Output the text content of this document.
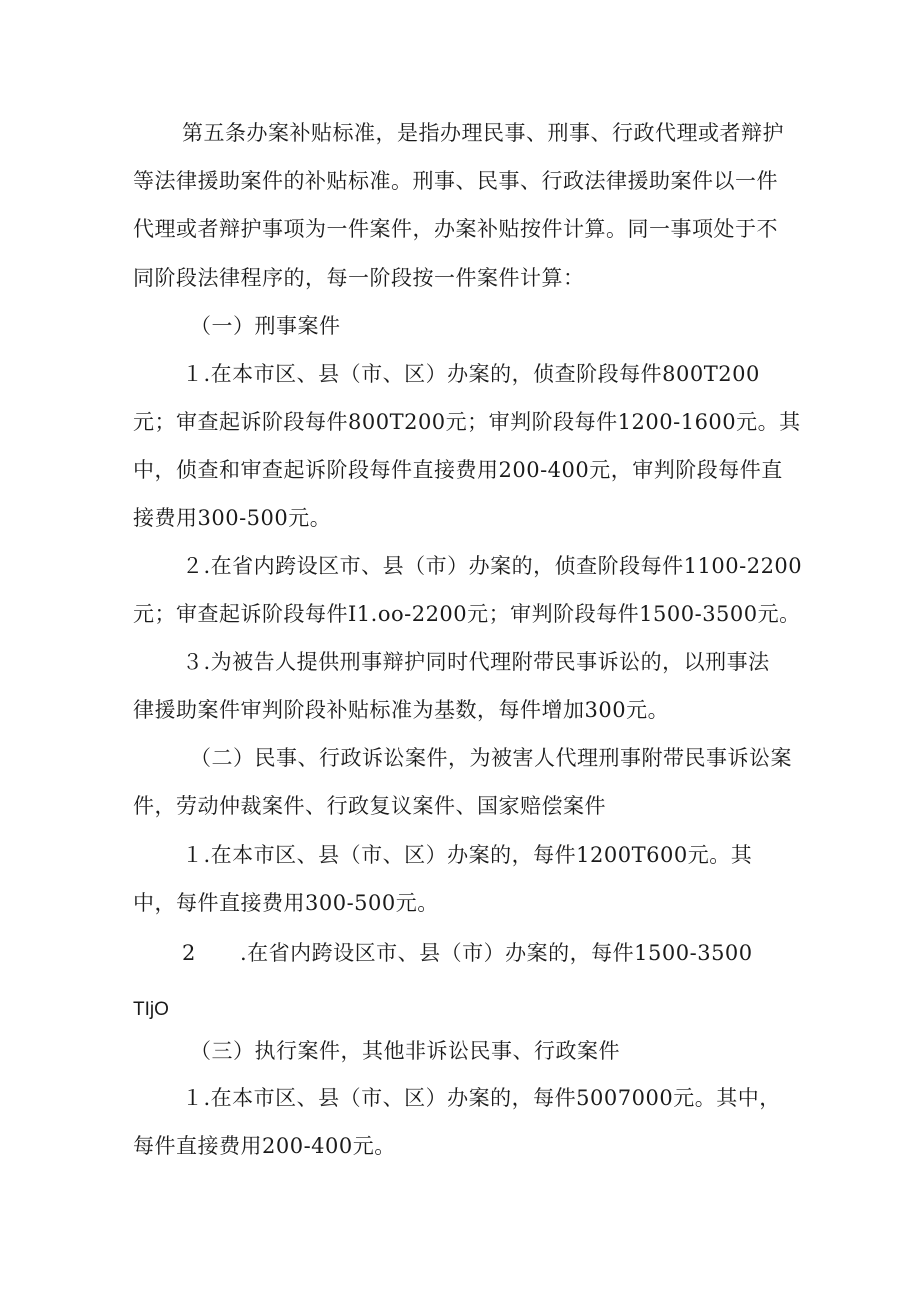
第五条办案补贴标准，是指办理民事、刑事、行政代理或者辩护
等法律援助案件的补贴标准。刑事、民事、行政法律援助案件以一件
代理或者辩护事项为一件案件，办案补贴按件计算。同一事项处于不
同阶段法律程序的，每一阶段按一件案件计算：
（一）刑事案件
１.在本市区、县（市、区）办案的，侦查阶段每件800T200
元；审查起诉阶段每件800T200元；审判阶段每件1200-1600元。其
中，侦查和审查起诉阶段每件直接费用200-400元，审判阶段每件直
接费用300-500元。
２.在省内跨设区市、县（市）办案的，侦查阶段每件1100-2200
元；审查起诉阶段每件I1.oo-2200元；审判阶段每件1500-3500元。
３.为被告人提供刑事辩护同时代理附带民事诉讼的，以刑事法
律援助案件审判阶段补贴标准为基数，每件增加300元。
（二）民事、行政诉讼案件，为被害人代理刑事附带民事诉讼案
件，劳动仲裁案件、行政复议案件、国家赔偿案件
１.在本市区、县（市、区）办案的，每件1200T600元。其
中，每件直接费用300-500元。
2 .在省内跨设区市、县（市）办案的，每件1500-3500
TIjO
（三）执行案件，其他非诉讼民事、行政案件
１.在本市区、县（市、区）办案的，每件5007000元。其中，
每件直接费用200-400元。
